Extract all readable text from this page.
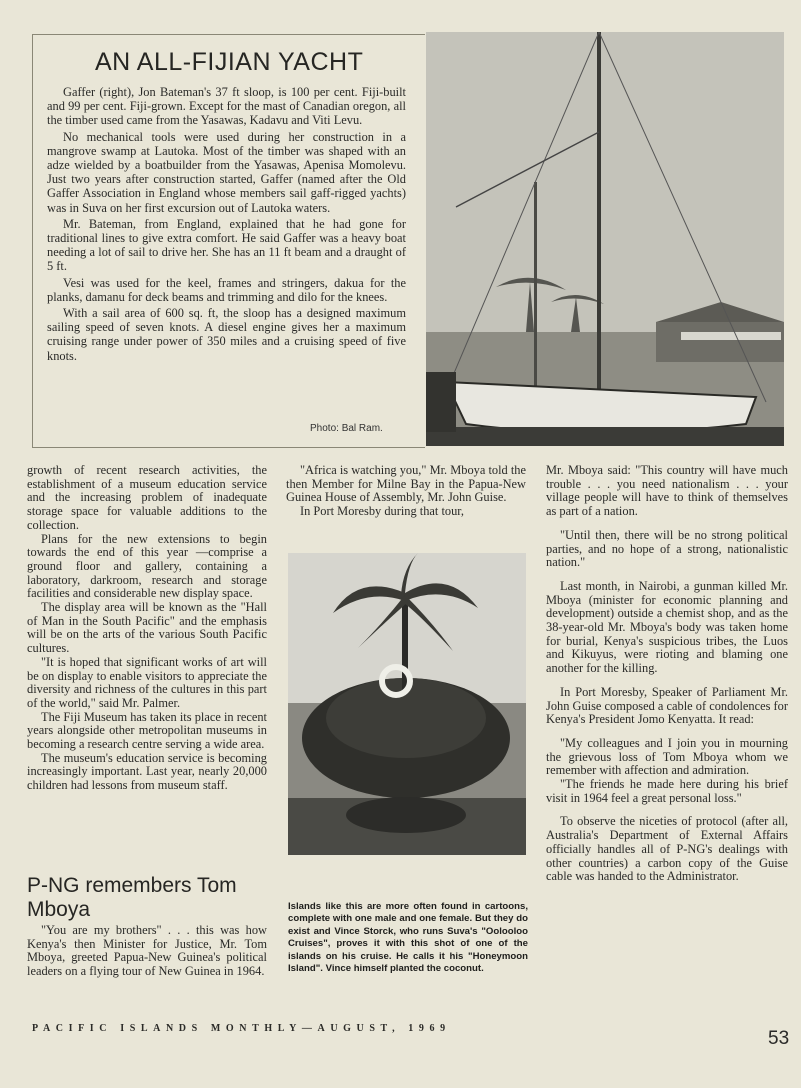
AN ALL-FIJIAN YACHT

Gaffer (right), Jon Bateman's 37 ft sloop, is 100 per cent. Fiji-built and 99 per cent. Fiji-grown. Except for the mast of Canadian oregon, all the timber used came from the Yasawas, Kadavu and Viti Levu.

No mechanical tools were used during her construction in a mangrove swamp at Lautoka. Most of the timber was shaped with an adze wielded by a boatbuilder from the Yasawas, Apenisa Momolevu. Just two years after construction started, Gaffer (named after the Old Gaffer Association in England whose members sail gaff-rigged yachts) was in Suva on her first excursion out of Lautoka waters.

Mr. Bateman, from England, explained that he had gone for traditional lines to give extra comfort. He said Gaffer was a heavy boat needing a lot of sail to drive her. She has an 11 ft beam and a draught of 5 ft.

Vesi was used for the keel, frames and stringers, dakua for the planks, damanu for deck beams and trimming and dilo for the knees.

With a sail area of 600 sq. ft, the sloop has a designed maximum sailing speed of seven knots. A diesel engine gives her a maximum cruising range under power of 350 miles and a cruising speed of five knots.

Photo: Bal Ram.

growth of recent research activities, the establishment of a museum education service and the increasing problem of inadequate storage space for valuable additions to the collection.

Plans for the new extensions to begin towards the end of this year —comprise a ground floor and gallery, containing a laboratory, darkroom, research and storage facilities and considerable new display space.

The display area will be known as the "Hall of Man in the South Pacific" and the emphasis will be on the arts of the various South Pacific cultures.

"It is hoped that significant works of art will be on display to enable visitors to appreciate the diversity and richness of the cultures in this part of the world," said Mr. Palmer.

The Fiji Museum has taken its place in recent years alongside other metropolitan museums in becoming a research centre serving a wide area.

The museum's education service is becoming increasingly important. Last year, nearly 20,000 children had lessons from museum staff.

P-NG remembers Tom Mboya

"You are my brothers" . . . this was how Kenya's then Minister for Justice, Mr. Tom Mboya, greeted Papua-New Guinea's political leaders on a flying tour of New Guinea in 1964.

"Africa is watching you," Mr. Mboya told the then Member for Milne Bay in the Papua-New Guinea House of Assembly, Mr. John Guise.

In Port Moresby during that tour,

Islands like this are more often found in cartoons, complete with one male and one female. But they do exist and Vince Storck, who runs Suva's "Oolooloo Cruises", proves it with this shot of one of the islands on his cruise. He calls it his "Honeymoon Island". Vince himself planted the coconut.

Mr. Mboya said: "This country will have much trouble . . . you need nationalism . . . your village people will have to think of themselves as part of a nation.

"Until then, there will be no strong political parties, and no hope of a strong, nationalistic nation."

Last month, in Nairobi, a gunman killed Mr. Mboya (minister for economic planning and development) outside a chemist shop, and as the 38-year-old Mr. Mboya's body was taken home for burial, Kenya's suspicious tribes, the Luos and Kikuyus, were rioting and blaming one another for the killing.

In Port Moresby, Speaker of Parliament Mr. John Guise composed a cable of condolences for Kenya's President Jomo Kenyatta. It read:

"My colleagues and I join you in mourning the grievous loss of Tom Mboya whom we remember with affection and admiration.

"The friends he made here during his brief visit in 1964 feel a great personal loss."

To observe the niceties of protocol (after all, Australia's Department of External Affairs officially handles all of P-NG's dealings with other countries) a carbon copy of the Guise cable was handed to the Administrator.

PACIFIC ISLANDS MONTHLY—AUGUST, 1969	53
